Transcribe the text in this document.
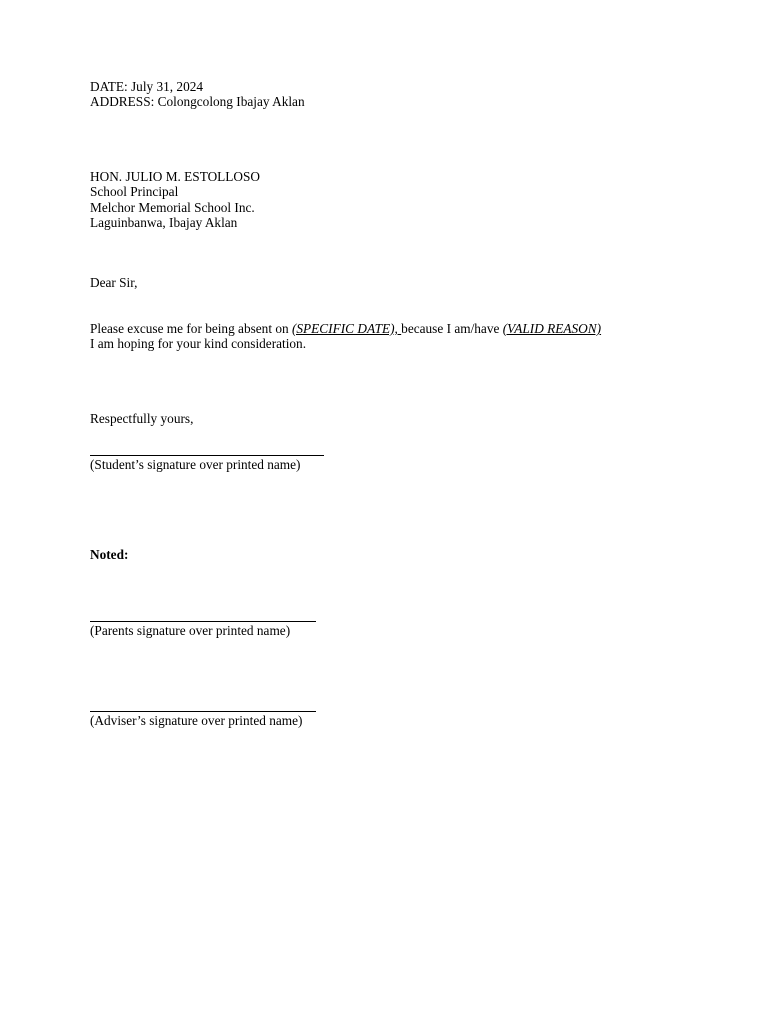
DATE: July 31, 2024
ADDRESS: Colongcolong Ibajay Aklan
HON. JULIO M. ESTOLLOSO
School Principal
Melchor Memorial School Inc.
Laguinbanwa, Ibajay Aklan
Dear Sir,
Please excuse me for being absent on (SPECIFIC DATE), because I am/have (VALID REASON)
I am hoping for your kind consideration.
Respectfully yours,
(Student’s signature over printed name)
Noted:
(Parents signature over printed name)
(Adviser’s signature over printed name)
